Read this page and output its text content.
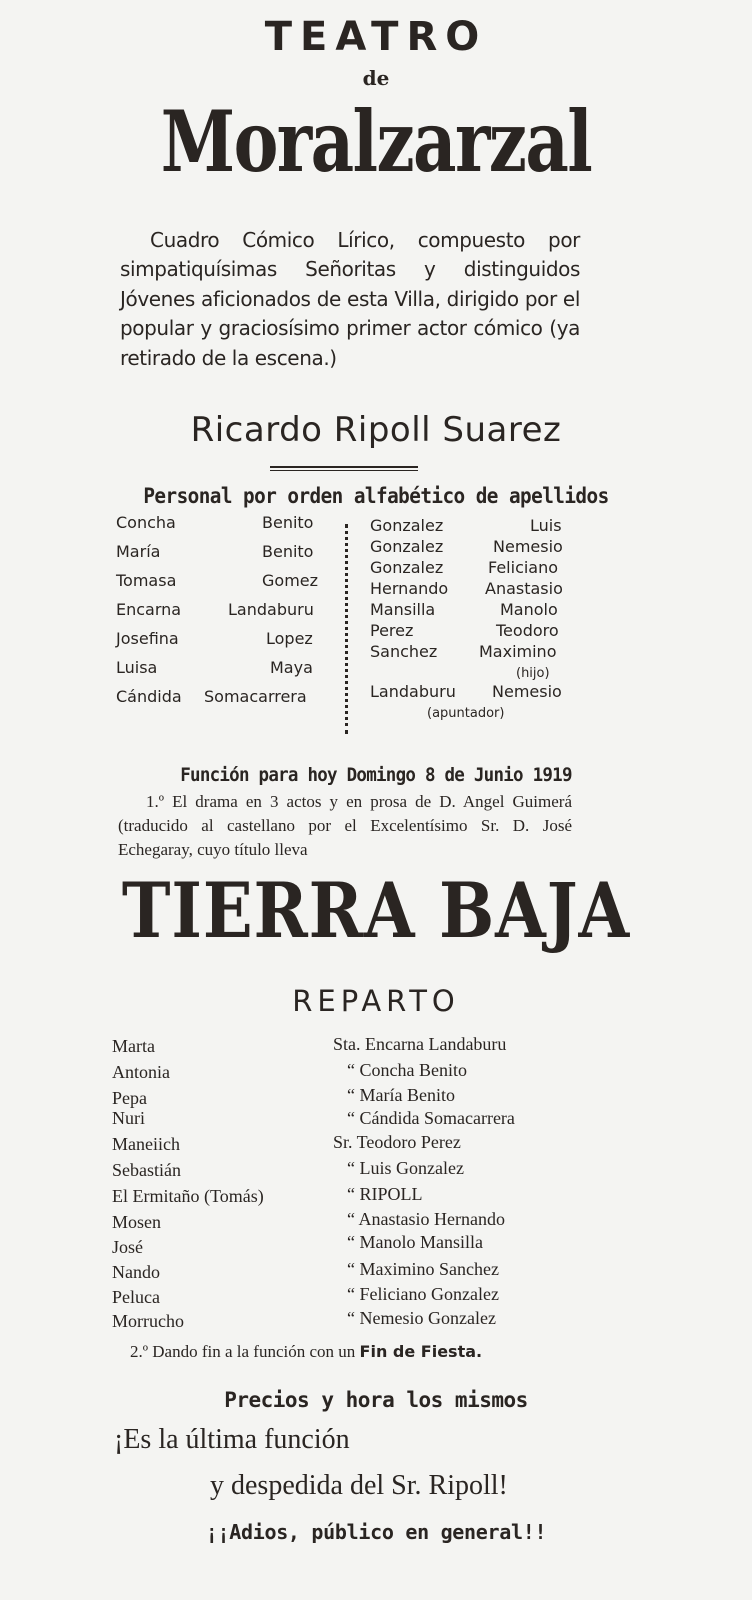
TEATRO
de
Moralzarzal

Cuadro Cómico Lírico, compuesto por simpatiquísimas Señoritas y distinguidos Jóvenes aficionados de esta Villa, dirigido por el popular y graciosísimo primer actor cómico (ya retirado de la escena.)

Ricardo Ripoll Suarez
Personal por orden alfabético de apellidos
Concha	Benito
María	Benito
Tomasa	Gomez
Encarna	Landaburu
Josefina	Lopez
Luisa	Maya
Cándida Somacarrera
Gonzalez	Luis
Gonzalez	Nemesio
Gonzalez	Feliciano
Hernando Anastasio
Mansilla	Manolo
Perez	Teodoro
Sanchez	Maximino
(hijo)
Landaburu Nemesio
(apuntador)
Función para hoy Domingo 8 de Junio 1919

1.º El drama en 3 actos y en prosa de D. Angel Guimerá (traducido al castellano por el Excelentísimo Sr. D. José Echegaray, cuyo título lleva

TIERRA BAJA
REPARTO
Marta	Sta. Encarna Landaburu
Antonia	“ Concha Benito
Pepa	“ María Benito
Nuri	“ Cándida Somacarrera
Maneiich	Sr. Teodoro Perez
Sebastián	“ Luis Gonzalez
El Ermitaño (Tomás)	“ RIPOLL
Mosen	“ Anastasio Hernando
José	“ Manolo Mansilla
Nando	“ Maximino Sanchez
Peluca	“ Feliciano Gonzalez
Morrucho	“ Nemesio Gonzalez
2.º Dando fin a la función con un Fin de Fiesta.
Precios y hora los mismos
¡Es la última función
y despedida del Sr. Ripoll!
¡¡Adios, público en general!!
